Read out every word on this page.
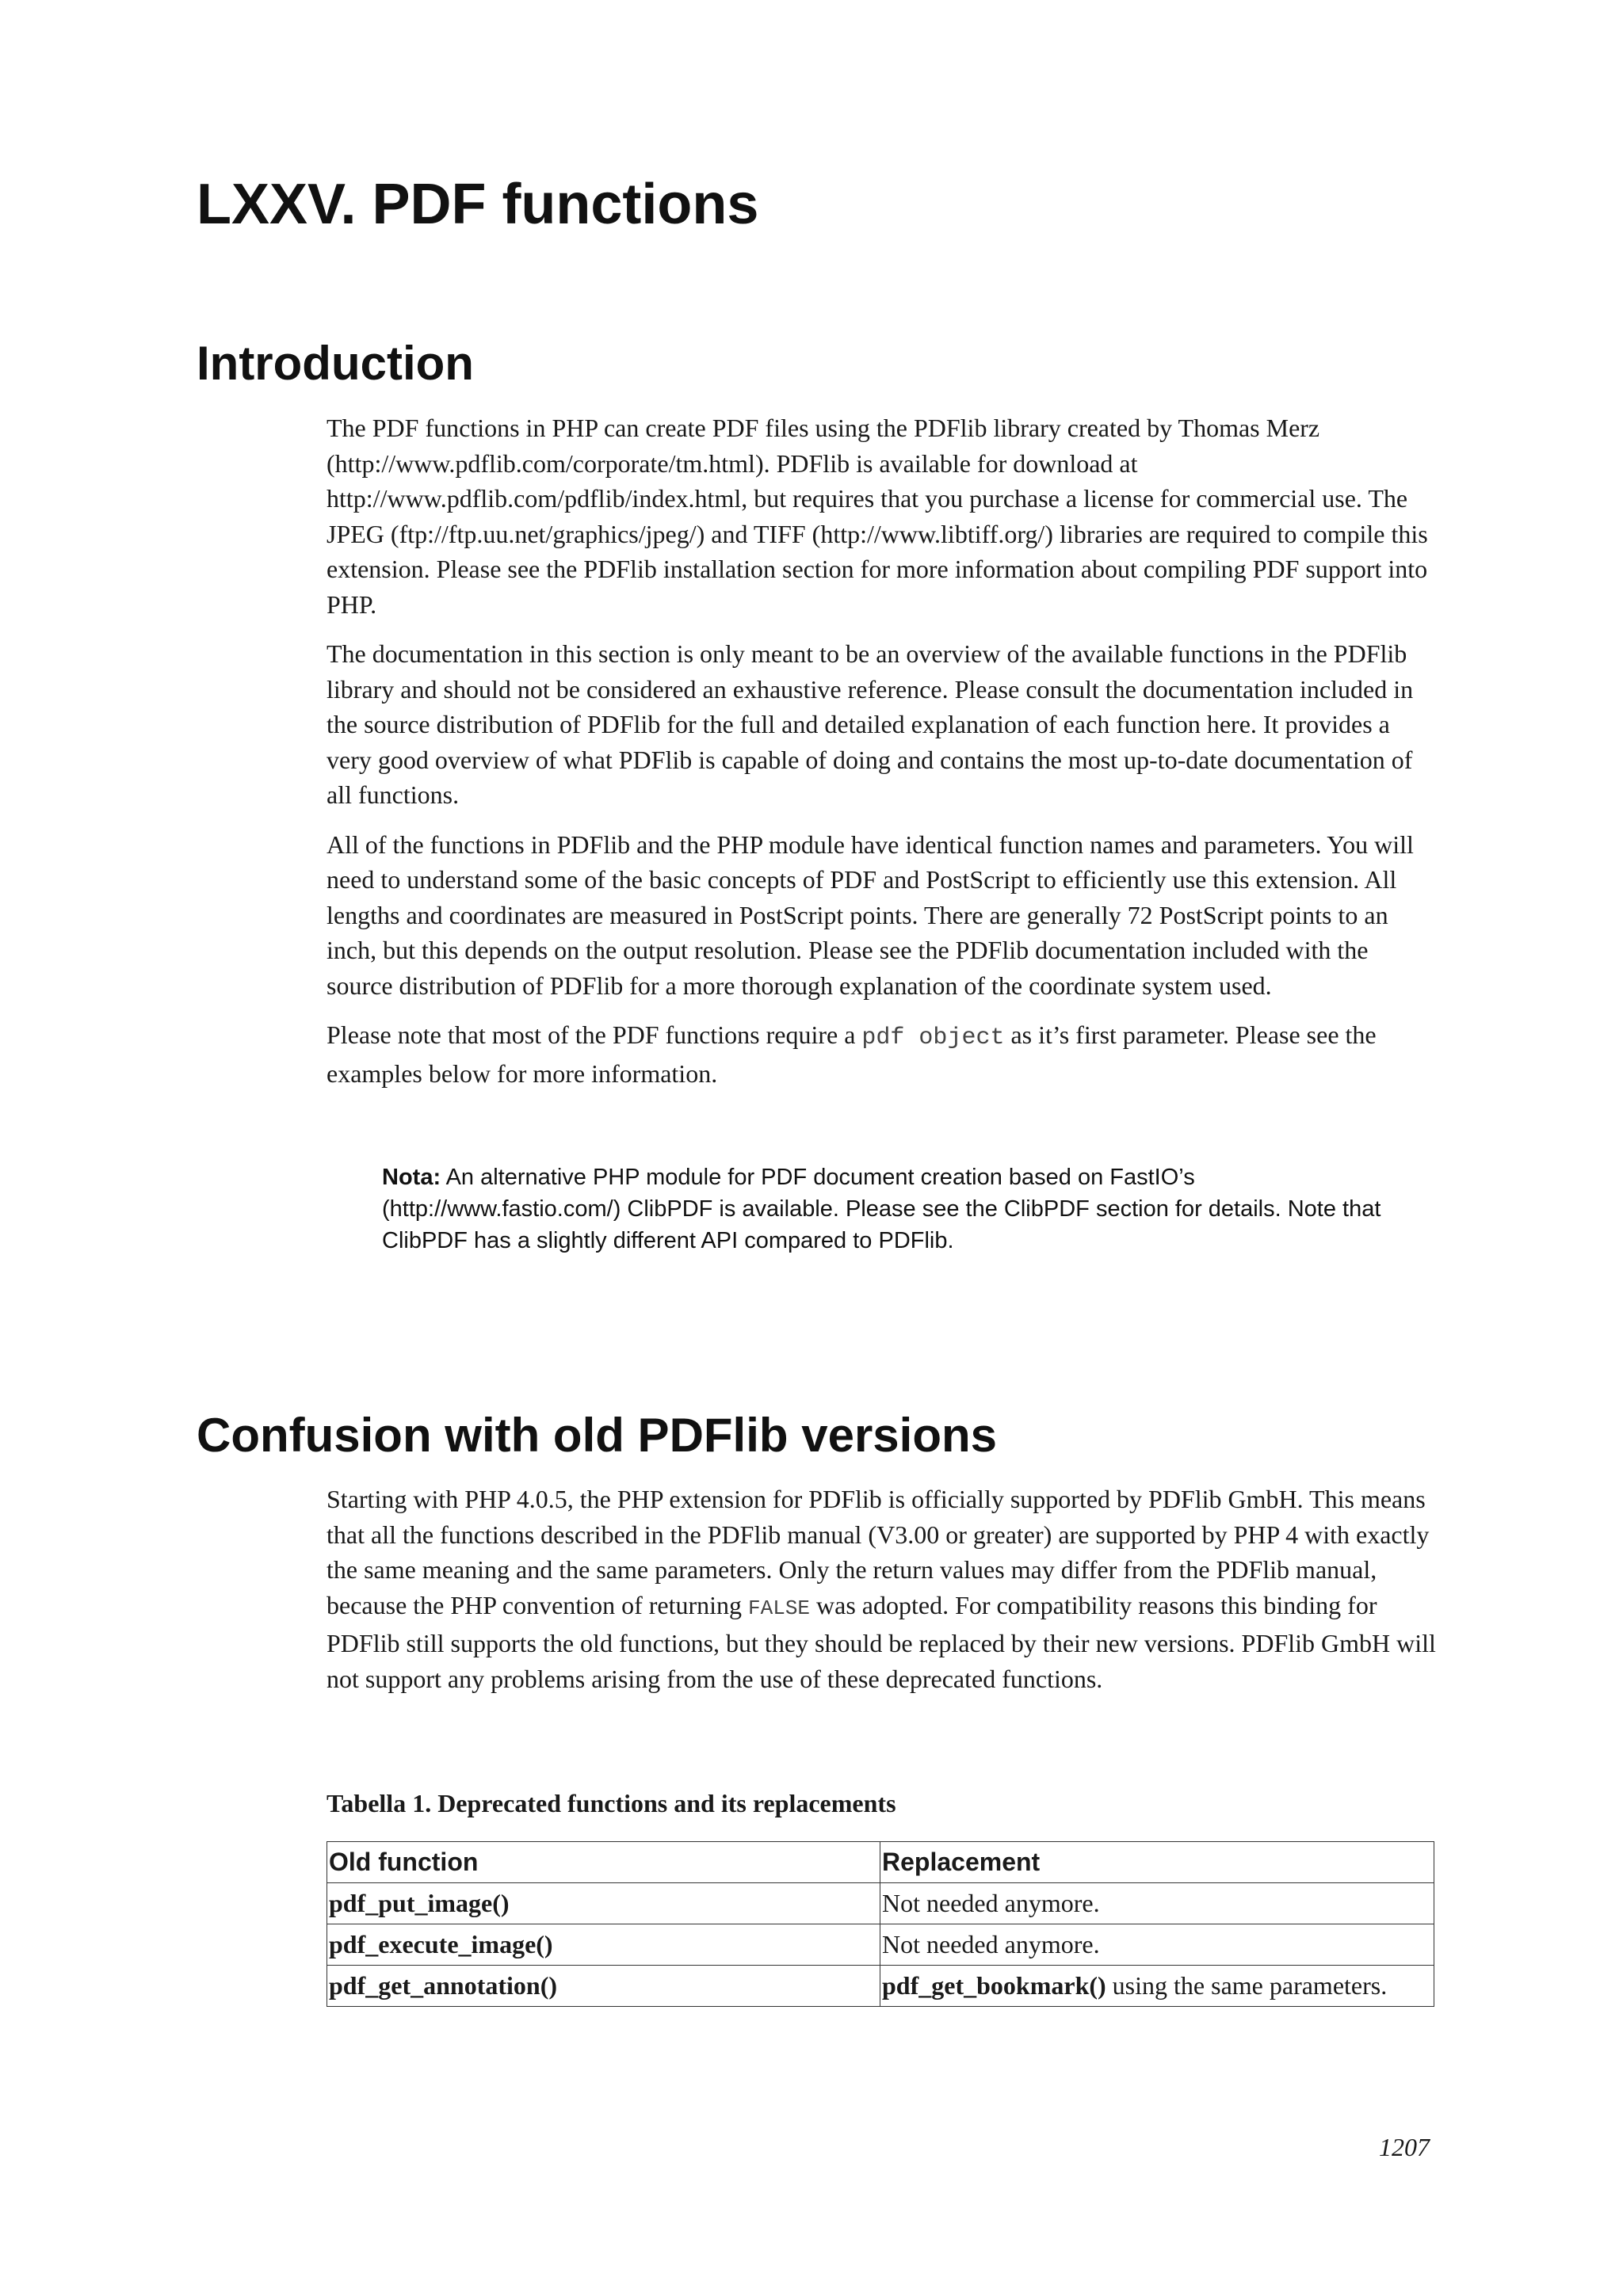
LXXV. PDF functions
Introduction

The PDF functions in PHP can create PDF files using the PDFlib library created by Thomas Merz (http://www.pdflib.com/corporate/tm.html). PDFlib is available for download at http://www.pdflib.com/pdflib/index.html, but requires that you purchase a license for commercial use. The JPEG (ftp://ftp.uu.net/graphics/jpeg/) and TIFF (http://www.libtiff.org/) libraries are required to compile this extension. Please see the PDFlib installation section for more information about compiling PDF support into PHP.

The documentation in this section is only meant to be an overview of the available functions in the PDFlib library and should not be considered an exhaustive reference. Please consult the documentation included in the source distribution of PDFlib for the full and detailed explanation of each function here. It provides a very good overview of what PDFlib is capable of doing and contains the most up-to-date documentation of all functions.

All of the functions in PDFlib and the PHP module have identical function names and parameters. You will need to understand some of the basic concepts of PDF and PostScript to efficiently use this extension. All lengths and coordinates are measured in PostScript points. There are generally 72 PostScript points to an inch, but this depends on the output resolution. Please see the PDFlib documentation included with the source distribution of PDFlib for a more thorough explanation of the coordinate system used.

Please note that most of the PDF functions require a pdf object as it’s first parameter. Please see the examples below for more information.

Nota: An alternative PHP module for PDF document creation based on FastIO’s (http://www.fastio.com/) ClibPDF is available. Please see the ClibPDF section for details. Note that ClibPDF has a slightly different API compared to PDFlib.
Confusion with old PDFlib versions

Starting with PHP 4.0.5, the PHP extension for PDFlib is officially supported by PDFlib GmbH. This means that all the functions described in the PDFlib manual (V3.00 or greater) are supported by PHP 4 with exactly the same meaning and the same parameters. Only the return values may differ from the PDFlib manual, because the PHP convention of returning FALSE was adopted. For compatibility reasons this binding for PDFlib still supports the old functions, but they should be replaced by their new versions. PDFlib GmbH will not support any problems arising from the use of these deprecated functions.

Tabella 1. Deprecated functions and its replacements

Old function	Replacement
pdf_put_image()	Not needed anymore.
pdf_execute_image()	Not needed anymore.
pdf_get_annotation()	pdf_get_bookmark() using the same parameters.
1207
